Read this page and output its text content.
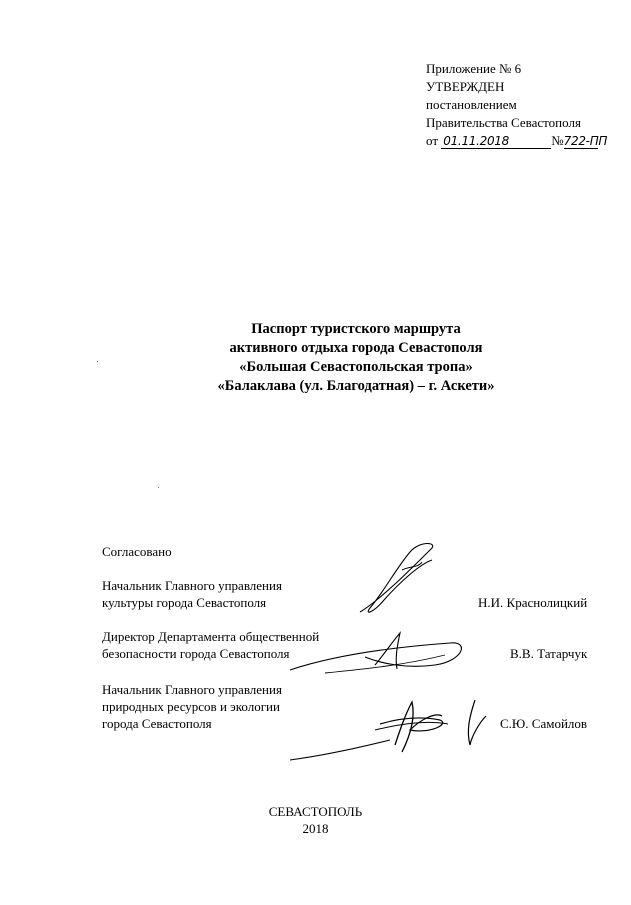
Приложение № 6
УТВЕРЖДЕН
постановлением
Правительства Севастополя
от 01.11.2018	№722-ПП
Паспорт туристского маршрута
активного отдыха города Севастополя
«Большая Севастопольская тропа»
«Балаклава (ул. Благодатная) – г. Аскети»
Согласовано
Начальник Главного управления
культуры города Севастополя	Н.И. Краснолицкий
Директор Департамента общественной
безопасности города Севастополя	В.В. Татарчук
Начальник Главного управления
природных ресурсов и экологии
города Севастополя	С.Ю. Самойлов
СЕВАСТОПОЛЬ
2018
